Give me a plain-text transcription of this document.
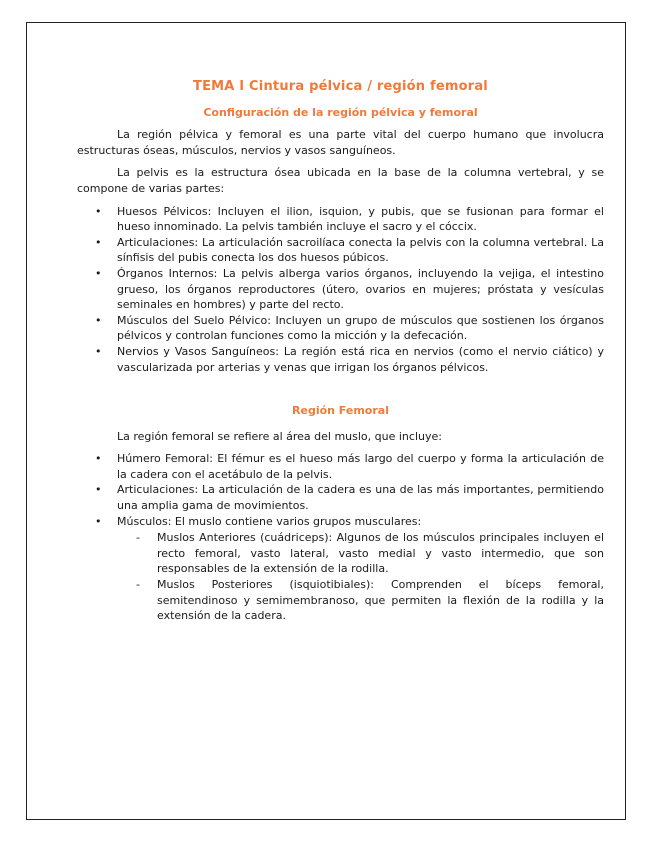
TEMA I Cintura pélvica / región femoral
Configuración de la región pélvica y femoral

La región pélvica y femoral es una parte vital del cuerpo humano que involucra estructuras óseas, músculos, nervios y vasos sanguíneos.

La pelvis es la estructura ósea ubicada en la base de la columna vertebral, y se compone de varias partes:

• Huesos Pélvicos: Incluyen el ilion, isquion, y pubis, que se fusionan para formar el hueso innominado. La pelvis también incluye el sacro y el cóccix.
• Articulaciones: La articulación sacroilíaca conecta la pelvis con la columna vertebral. La sínfisis del pubis conecta los dos huesos púbicos.
• Órganos Internos: La pelvis alberga varios órganos, incluyendo la vejiga, el intestino grueso, los órganos reproductores (útero, ovarios en mujeres; próstata y vesículas seminales en hombres) y parte del recto.
• Músculos del Suelo Pélvico: Incluyen un grupo de músculos que sostienen los órganos pélvicos y controlan funciones como la micción y la defecación.
• Nervios y Vasos Sanguíneos: La región está rica en nervios (como el nervio ciático) y vascularizada por arterias y venas que irrigan los órganos pélvicos.
Región Femoral

La región femoral se refiere al área del muslo, que incluye:

• Húmero Femoral: El fémur es el hueso más largo del cuerpo y forma la articulación de la cadera con el acetábulo de la pelvis.
• Articulaciones: La articulación de la cadera es una de las más importantes, permitiendo una amplia gama de movimientos.
• Músculos: El muslo contiene varios grupos musculares:
- Muslos Anteriores (cuádriceps): Algunos de los músculos principales incluyen el recto femoral, vasto lateral, vasto medial y vasto intermedio, que son responsables de la extensión de la rodilla.
- Muslos Posteriores (isquiotibiales): Comprenden el bíceps femoral, semitendinoso y semimembranoso, que permiten la flexión de la rodilla y la extensión de la cadera.
